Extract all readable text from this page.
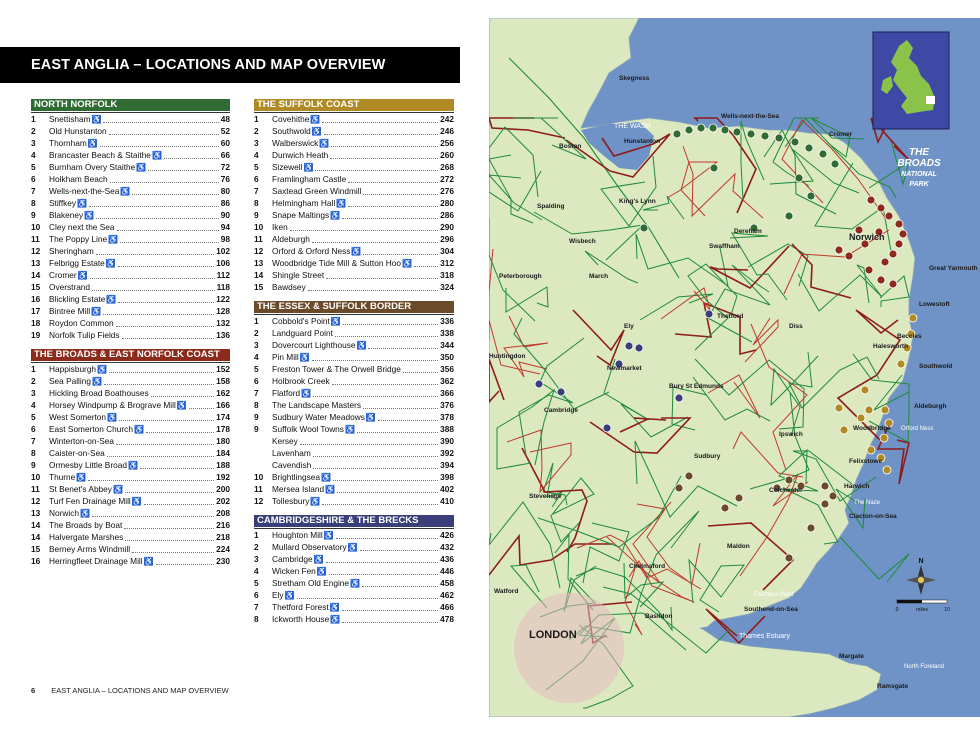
EAST ANGLIA – LOCATIONS AND MAP OVERVIEW
NORTH NORFOLK
1	Snettisham ♿	48
2	Old Hunstanton	52
3	Thornham ♿	60
4	Brancaster Beach & Staithe ♿	66
5	Burnham Overy Staithe ♿	72
6	Holkham Beach	76
7	Wells-next-the-Sea ♿	80
8	Stiffkey ♿	86
9	Blakeney ♿	90
10	Cley next the Sea	94
11	The Poppy Line ♿	98
12	Sheringham	102
13	Felbrigg Estate ♿	106
14	Cromer ♿	112
15	Overstrand	118
16	Blickling Estate ♿	122
17	Bintree Mill ♿	128
18	Roydon Common	132
19	Norfolk Tulip Fields	136
THE BROADS & EAST NORFOLK COAST
1	Happisburgh ♿	152
2	Sea Palling ♿	158
3	Hickling Broad Boathouses	162
4	Horsey Windpump & Brograve Mill ♿	166
5	West Somerton ♿	174
6	East Somerton Church ♿	178
7	Winterton-on-Sea	180
8	Caister-on-Sea	184
9	Ormesby Little Broad ♿	188
10	Thurne ♿	192
11	St Benet's Abbey ♿	200
12	Turf Fen Drainage Mill ♿	202
13	Norwich ♿	208
14	The Broads by Boat	216
14	Halvergate Marshes	218
15	Berney Arms Windmill	224
16	Herringfleet Drainage Mill ♿	230
THE SUFFOLK COAST
1	Covehithe ♿	242
2	Southwold ♿	246
3	Walberswick ♿	256
4	Dunwich Heath	260
5	Sizewell ♿	268
6	Framlingham Castle	272
7	Saxtead Green Windmill	276
8	Helmingham Hall ♿	280
9	Snape Maltings ♿	286
10	Iken	290
11	Aldeburgh	296
12	Orford & Orford Ness ♿	304
13	Woodbridge Tide Mill & Sutton Hoo ♿	312
14	Shingle Street	318
15	Bawdsey	324
THE ESSEX & SUFFOLK BORDER
1	Cobbold's Point ♿	336
2	Landguard Point	338
3	Dovercourt Lighthouse ♿	344
4	Pin Mill ♿	350
5	Freston Tower & The Orwell Bridge	356
6	Holbrook Creek	362
7	Flatford ♿	366
8	The Landscape Masters	376
9	Sudbury Water Meadows ♿	378
9	Suffolk Wool Towns ♿	388
Kersey	390
Lavenham	392
Cavendish	394
10	Brightlingsea ♿	398
11	Mersea Island ♿	402
12	Tollesbury ♿	410
CAMBRIDGESHIRE & THE BRECKS
1	Houghton Mill ♿	426
2	Mullard Observatory ♿	432
3	Cambridge ♿	436
4	Wicken Fen ♿	446
5	Stretham Old Engine ♿	458
6	Ely ♿	462
7	Thetford Forest ♿	466
8	Ickworth House ♿	478
6 EAST ANGLIA – LOCATIONS AND MAP OVERVIEW
Skegness
Boston
Spalding
King's Lynn
Hunstanton
Wells-next-the-Sea
Cromer
Norwich
Great Yarmouth
Lowestoft
Beccles
Southwold
Aldeburgh
Ipswich
Felixstowe
Colchester
Clacton-on-Sea
Chelmsford
Southend-on-Sea
LONDON
Cambridge
Ely
Newmarket
Bury St Edmunds
Thetford
Swaffham
Dereham
Wisbech
Peterborough	March
Huntingdon
Stevenage
Watford
Basildon
Margate
Ramsgate
Diss
Sudbury
Harwich
Maldon
Halesworth
Woodbridge
THE WASH
Thames Estuary
The Naze
Orford Ness
North Foreland
Fastness Point
THE
BROADS
NATIONAL
PARK
N
0	miles	10
